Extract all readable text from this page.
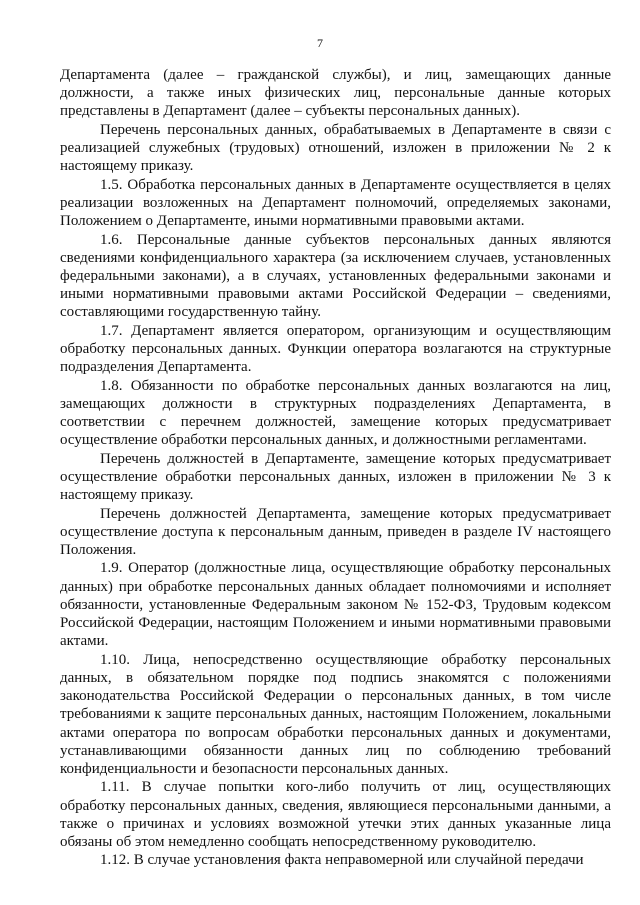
7

Департамента (далее – гражданской службы), и лиц, замещающих данные должности, а также иных физических лиц, персональные данные которых представлены в Департамент (далее – субъекты персональных данных).

Перечень персональных данных, обрабатываемых в Департаменте в связи с реализацией служебных (трудовых) отношений, изложен в приложении № 2 к настоящему приказу.

1.5. Обработка персональных данных в Департаменте осуществляется в целях реализации возложенных на Департамент полномочий, определяемых законами, Положением о Департаменте, иными нормативными правовыми актами.

1.6. Персональные данные субъектов персональных данных являются сведениями конфиденциального характера (за исключением случаев, установленных федеральными законами), а в случаях, установленных федеральными законами и иными нормативными правовыми актами Российской Федерации – сведениями, составляющими государственную тайну.

1.7. Департамент является оператором, организующим и осуществляющим обработку персональных данных. Функции оператора возлагаются на структурные подразделения Департамента.

1.8. Обязанности по обработке персональных данных возлагаются на лиц, замещающих должности в структурных подразделениях Департамента, в соответствии с перечнем должностей, замещение которых предусматривает осуществление обработки персональных данных, и должностными регламентами.

Перечень должностей в Департаменте, замещение которых предусматривает осуществление обработки персональных данных, изложен в приложении № 3 к настоящему приказу.

Перечень должностей Департамента, замещение которых предусматривает осуществление доступа к персональным данным, приведен в разделе IV настоящего Положения.

1.9. Оператор (должностные лица, осуществляющие обработку персональных данных) при обработке персональных данных обладает полномочиями и исполняет обязанности, установленные Федеральным законом № 152-ФЗ, Трудовым кодексом Российской Федерации, настоящим Положением и иными нормативными правовыми актами.

1.10. Лица, непосредственно осуществляющие обработку персональных данных, в обязательном порядке под подпись знакомятся с положениями законодательства Российской Федерации о персональных данных, в том числе требованиями к защите персональных данных, настоящим Положением, локальными актами оператора по вопросам обработки персональных данных и документами, устанавливающими обязанности данных лиц по соблюдению требований конфиденциальности и безопасности персональных данных.

1.11. В случае попытки кого-либо получить от лиц, осуществляющих обработку персональных данных, сведения, являющиеся персональными данными, а также о причинах и условиях возможной утечки этих данных указанные лица обязаны об этом немедленно сообщать непосредственному руководителю.

1.12. В случае установления факта неправомерной или случайной передачи
